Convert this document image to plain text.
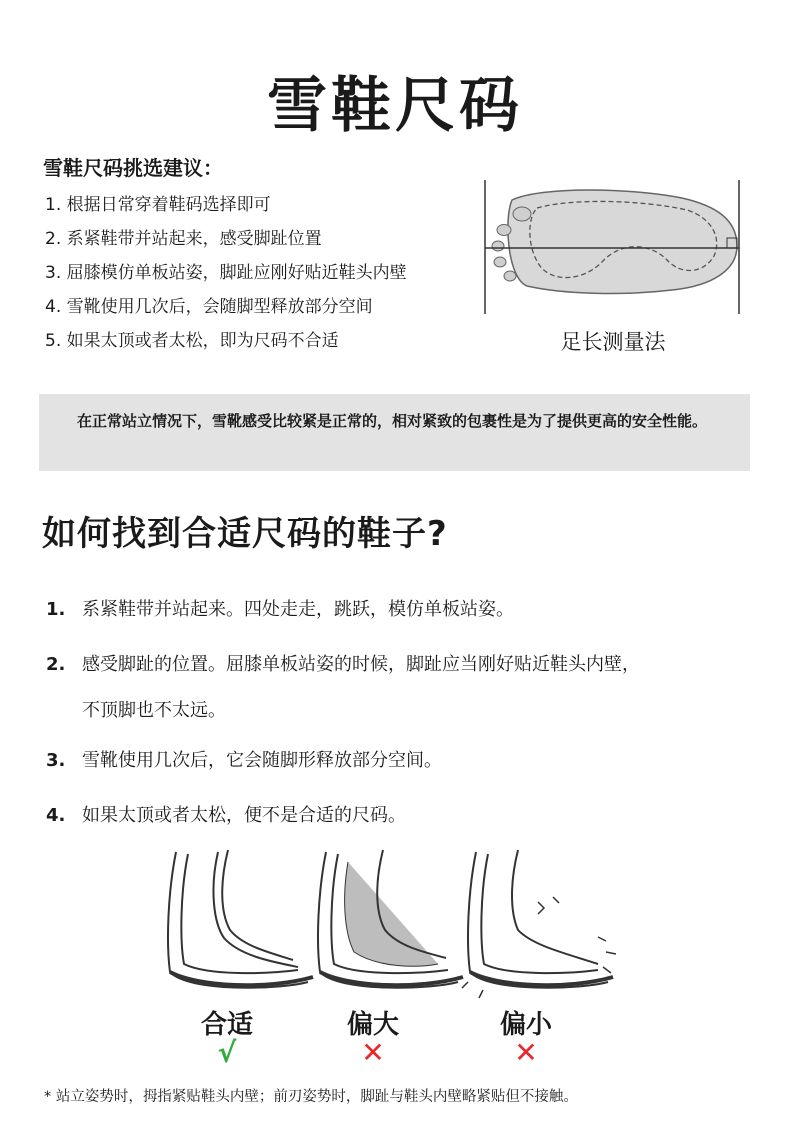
雪鞋尺码
雪鞋尺码挑选建议：
1. 根据日常穿着鞋码选择即可
2. 系紧鞋带并站起来，感受脚趾位置
3. 屈膝模仿单板站姿，脚趾应刚好贴近鞋头内壁
4. 雪靴使用几次后，会随脚型释放部分空间
5. 如果太顶或者太松，即为尺码不合适	足长测量法
在正常站立情况下，雪靴感受比较紧是正常的，相对紧致的包裹性是为了提供更高的安全性能。
如何找到合适尺码的鞋子?
1. 系紧鞋带并站起来。四处走走，跳跃，模仿单板站姿。
2. 感受脚趾的位置。屈膝单板站姿的时候，脚趾应当刚好贴近鞋头内壁，
不顶脚也不太远。
3. 雪靴使用几次后，它会随脚形释放部分空间。
4. 如果太顶或者太松，便不是合适的尺码。
合适	偏大	偏小
√	✕	✕
* 站立姿势时，拇指紧贴鞋头内壁；前刃姿势时，脚趾与鞋头内壁略紧贴但不接触。
